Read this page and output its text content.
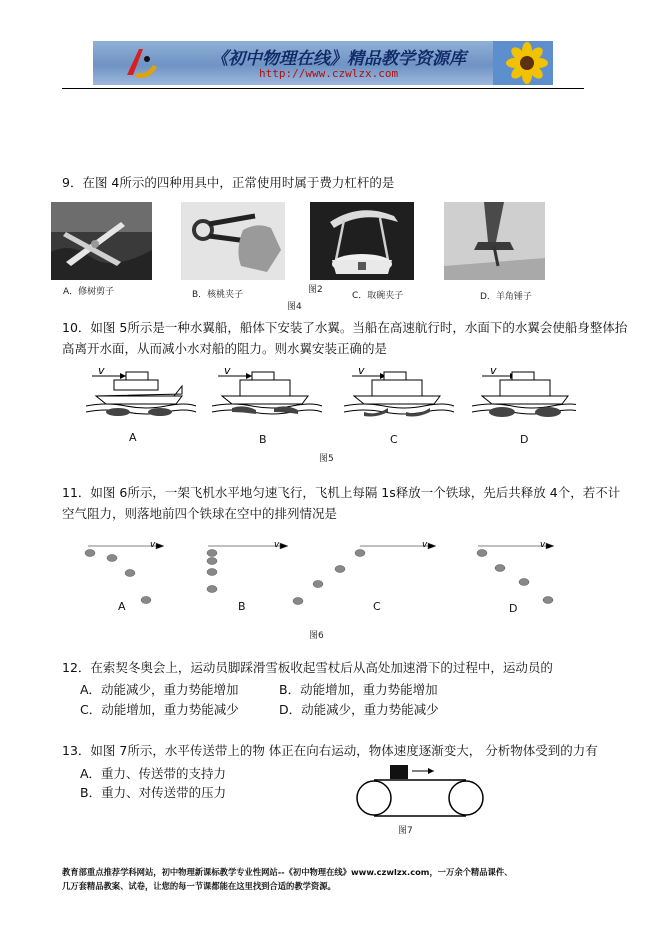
《初中物理在线》精品教学资源库
http://www.czwlzx.com
9．在图 4所示的四种用具中，正常使用时属于费力杠杆的是
A．修树剪子	B．核桃夹子	图2
C．取碗夹子	D．羊角锤子
图4
10．如图 5所示是一种水翼船，船体下安装了水翼。当船在高速航行时，水面下的水翼会使船身整体抬
高离开水面，从而减小水对船的阻力。则水翼安装正确的是
v	v	v	v
A	B	C	D
图5
11．如图 6所示，一架飞机水平地匀速飞行，飞机上每隔 1s释放一个铁球，先后共释放 4个，若不计
空气阻力，则落地前四个铁球在空中的排列情况是
v	v	v	v
A	B	C	D
图6
12．在索契冬奥会上，运动员脚踩滑雪板收起雪杖后从高处加速滑下的过程中，运动员的
A．动能减少，重力势能增加	B．动能增加，重力势能增加
C．动能增加，重力势能减少	D．动能减少，重力势能减少
13．如图 7所示，水平传送带上的物 体正在向右运动，物体速度逐渐变大， 分析物体受到的力有
A．重力、传送带的支持力
B．重力、对传送带的压力
图7
教育部重点推荐学科网站，初中物理新课标教学专业性网站--《初中物理在线》www.czwlzx.com，一万余个精品课件、
几万套精品教案、试卷，让您的每一节课都能在这里找到合适的教学资源。
